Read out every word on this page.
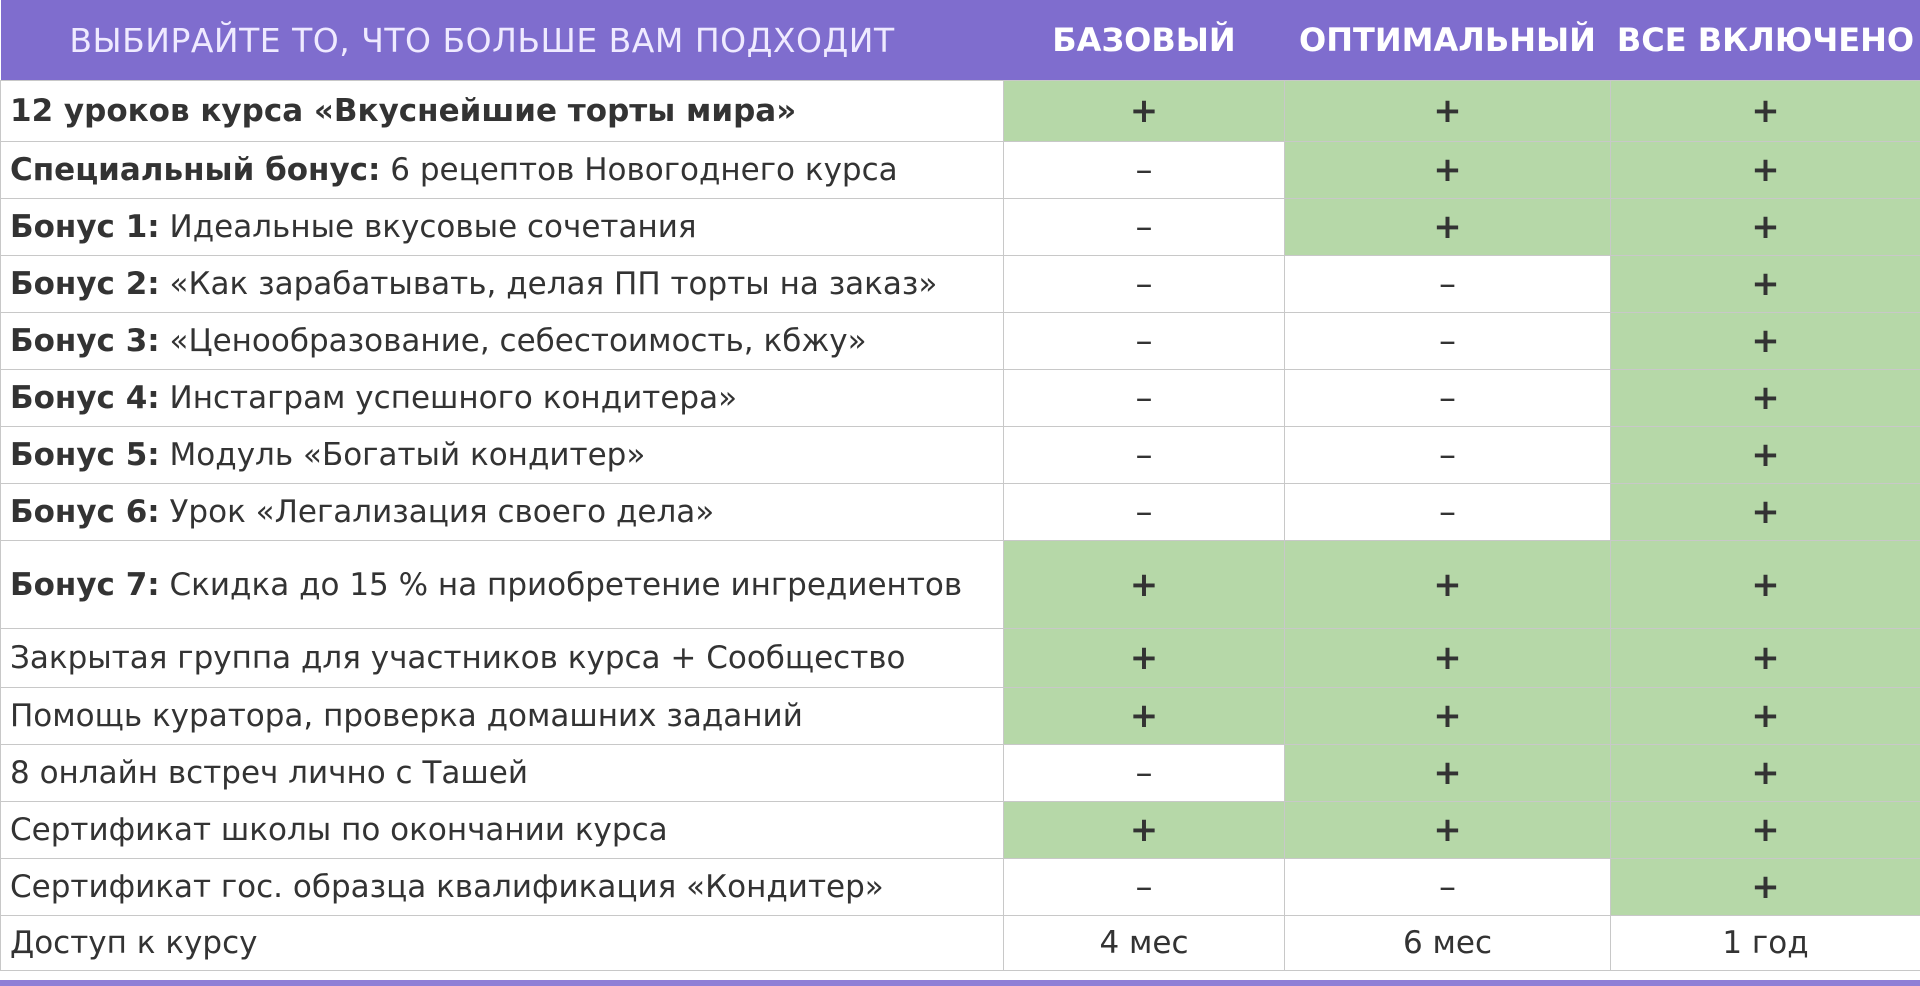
ВЫБИРАЙТЕ ТО, ЧТО БОЛЬШЕ ВАМ ПОДХОДИТ	БАЗОВЫЙ	ОПТИМАЛЬНЫЙ	ВСЕ ВКЛЮЧЕНО
12 уроков курса «Вкуснейшие торты мира»	+	+	+
Специальный бонус: 6 рецептов Новогоднего курса	–	+	+
Бонус 1: Идеальные вкусовые сочетания	–	+	+
Бонус 2: «Как зарабатывать, делая ПП торты на заказ»	–	–	+
Бонус 3: «Ценообразование, себестоимость, кбжу»	–	–	+
Бонус 4: Инстаграм успешного кондитера»	–	–	+
Бонус 5: Модуль «Богатый кондитер»	–	–	+
Бонус 6: Урок «Легализация своего дела»	–	–	+
Бонус 7: Скидка до 15 % на приобретение ингредиентов	+	+	+
Закрытая группа для участников курса + Сообщество	+	+	+
Помощь куратора, проверка домашних заданий	+	+	+
8 онлайн встреч лично с Ташей	–	+	+
Сертификат школы по окончании курса	+	+	+
Сертификат гос. образца квалификация «Кондитер»	–	–	+
Доступ к курсу	4 мес	6 мес	1 год
